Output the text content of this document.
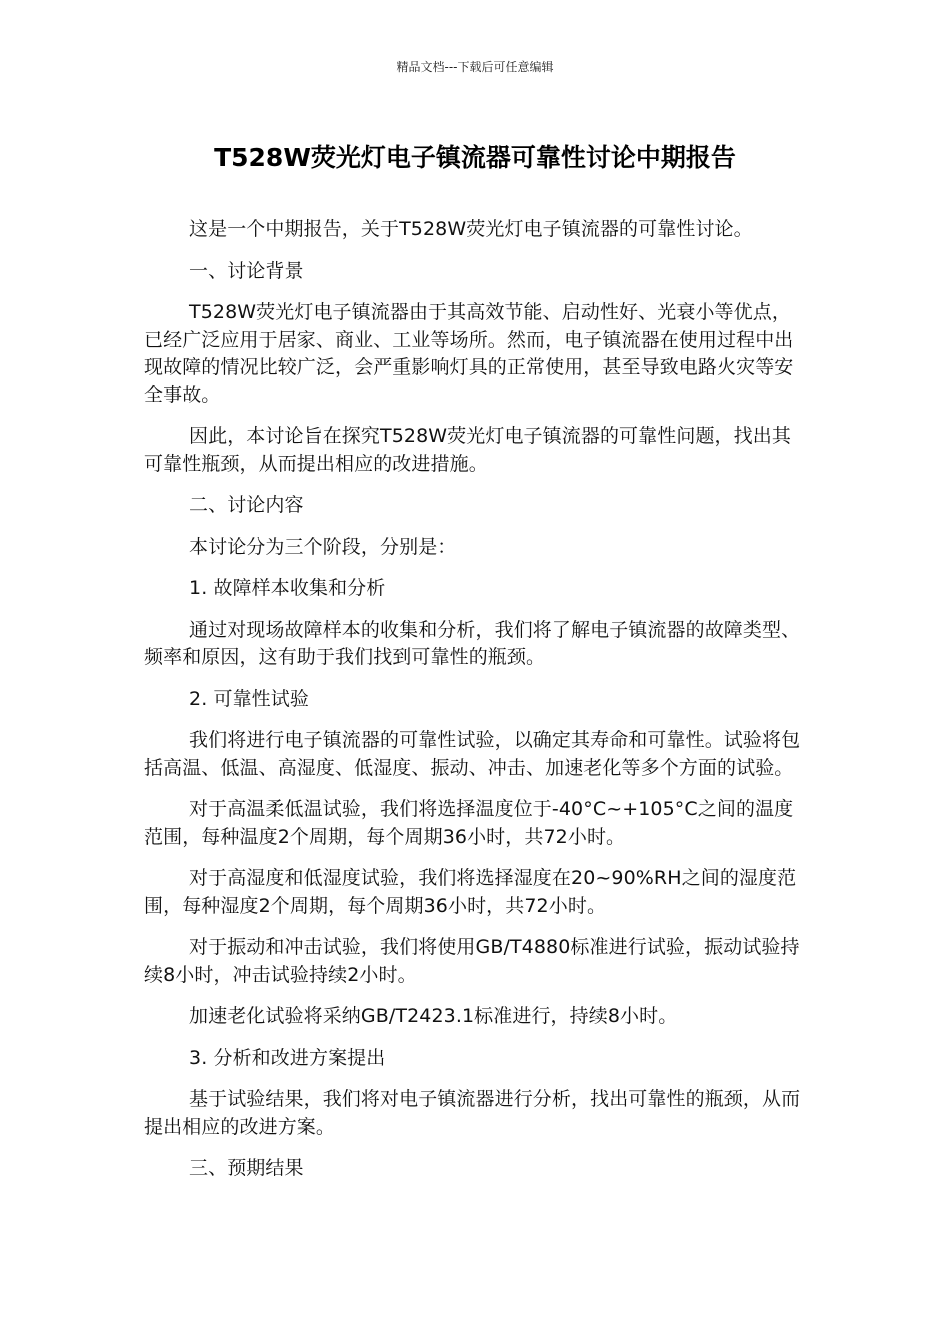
精品文档---下载后可任意编辑
T528W荧光灯电子镇流器可靠性讨论中期报告

这是一个中期报告，关于T528W荧光灯电子镇流器的可靠性讨论。

一、讨论背景

T528W荧光灯电子镇流器由于其高效节能、启动性好、光衰小等优点，已经广泛应用于居家、商业、工业等场所。然而，电子镇流器在使用过程中出现故障的情况比较广泛，会严重影响灯具的正常使用，甚至导致电路火灾等安全事故。

因此，本讨论旨在探究T528W荧光灯电子镇流器的可靠性问题，找出其可靠性瓶颈，从而提出相应的改进措施。

二、讨论内容

本讨论分为三个阶段，分别是：

1. 故障样本收集和分析

通过对现场故障样本的收集和分析，我们将了解电子镇流器的故障类型、频率和原因，这有助于我们找到可靠性的瓶颈。

2. 可靠性试验

我们将进行电子镇流器的可靠性试验，以确定其寿命和可靠性。试验将包括高温、低温、高湿度、低湿度、振动、冲击、加速老化等多个方面的试验。

对于高温柔低温试验，我们将选择温度位于-40°C~+105°C之间的温度范围，每种温度2个周期，每个周期36小时，共72小时。

对于高湿度和低湿度试验，我们将选择湿度在20~90%RH之间的湿度范围，每种湿度2个周期，每个周期36小时，共72小时。

对于振动和冲击试验，我们将使用GB/T4880标准进行试验，振动试验持续8小时，冲击试验持续2小时。

加速老化试验将采纳GB/T2423.1标准进行，持续8小时。

3. 分析和改进方案提出

基于试验结果，我们将对电子镇流器进行分析，找出可靠性的瓶颈，从而提出相应的改进方案。

三、预期结果
